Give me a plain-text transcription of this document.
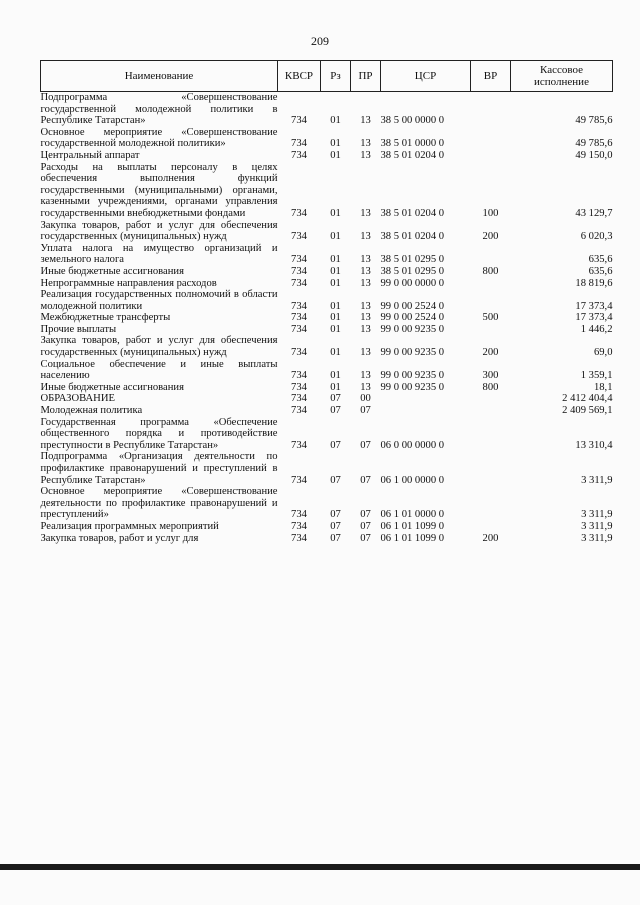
209
Наименование	КВСР	Рз	ПР	ЦСР	ВР	Кассовое исполнение
Подпрограмма «Совершенствование государственной молодежной политики в Республике Татарстан»	734	01	13	38 5 00 0000 0		49 785,6
Основное мероприятие «Совершенствование государственной молодежной политики»	734	01	13	38 5 01 0000 0		49 785,6
Центральный аппарат	734	01	13	38 5 01 0204 0		49 150,0
Расходы на выплаты персоналу в целях обеспечения выполнения функций государственными (муниципальными) органами, казенными учреждениями, органами управления государственными внебюджетными фондами	734	01	13	38 5 01 0204 0	100	43 129,7
Закупка товаров, работ и услуг для обеспечения государственных (муниципальных) нужд	734	01	13	38 5 01 0204 0	200	6 020,3
Уплата налога на имущество организаций и земельного налога	734	01	13	38 5 01 0295 0		635,6
Иные бюджетные ассигнования	734	01	13	38 5 01 0295 0	800	635,6
Непрограммные направления расходов	734	01	13	99 0 00 0000 0		18 819,6
Реализация государственных полномочий в области молодежной политики	734	01	13	99 0 00 2524 0		17 373,4
Межбюджетные трансферты	734	01	13	99 0 00 2524 0	500	17 373,4
Прочие выплаты	734	01	13	99 0 00 9235 0		1 446,2
Закупка товаров, работ и услуг для обеспечения государственных (муниципальных) нужд	734	01	13	99 0 00 9235 0	200	69,0
Социальное обеспечение и иные выплаты населению	734	01	13	99 0 00 9235 0	300	1 359,1
Иные бюджетные ассигнования	734	01	13	99 0 00 9235 0	800	18,1
ОБРАЗОВАНИЕ	734	07	00			2 412 404,4
Молодежная политика	734	07	07			2 409 569,1
Государственная программа «Обеспечение общественного порядка и противодействие преступности в Республике Татарстан»	734	07	07	06 0 00 0000 0		13 310,4
Подпрограмма «Организация деятельности по профилактике правонарушений и преступлений в Республике Татарстан»	734	07	07	06 1 00 0000 0		3 311,9
Основное мероприятие «Совершенствование деятельности по профилактике правонарушений и преступлений»	734	07	07	06 1 01 0000 0		3 311,9
Реализация программных мероприятий	734	07	07	06 1 01 1099 0		3 311,9
Закупка товаров, работ и услуг для	734	07	07	06 1 01 1099 0	200	3 311,9
